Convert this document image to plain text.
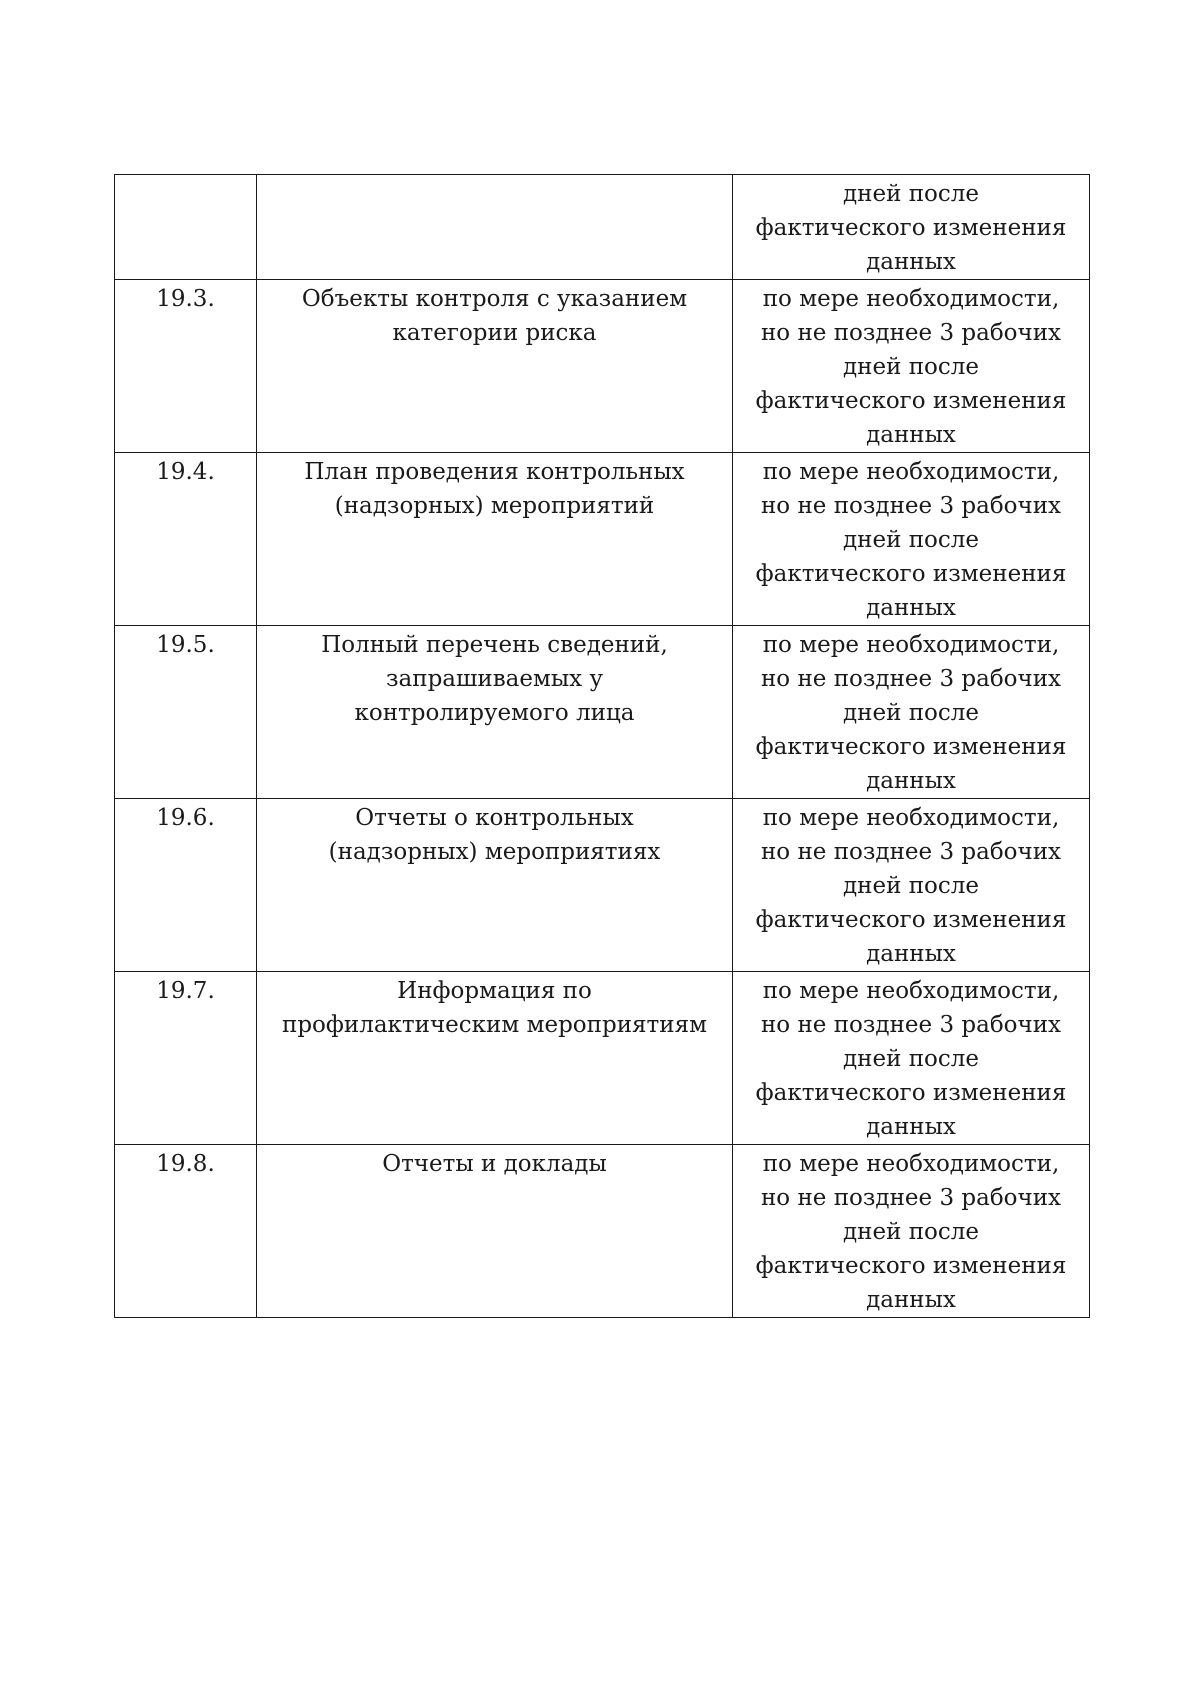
		дней после
фактического изменения
данных

19.3.	Объекты контроля с указанием
категории риска	по мере необходимости,
но не позднее 3 рабочих
дней после
фактического изменения
данных

19.4.	План проведения контрольных
(надзорных) мероприятий	по мере необходимости,
но не позднее 3 рабочих
дней после
фактического изменения
данных

19.5.	Полный перечень сведений,
запрашиваемых у
контролируемого лица	по мере необходимости,
но не позднее 3 рабочих
дней после
фактического изменения
данных

19.6.	Отчеты о контрольных
(надзорных) мероприятиях	по мере необходимости,
но не позднее 3 рабочих
дней после
фактического изменения
данных

19.7.	Информация по
профилактическим мероприятиям	по мере необходимости,
но не позднее 3 рабочих
дней после
фактического изменения
данных

19.8.	Отчеты и доклады	по мере необходимости,
но не позднее 3 рабочих
дней после
фактического изменения
данных
